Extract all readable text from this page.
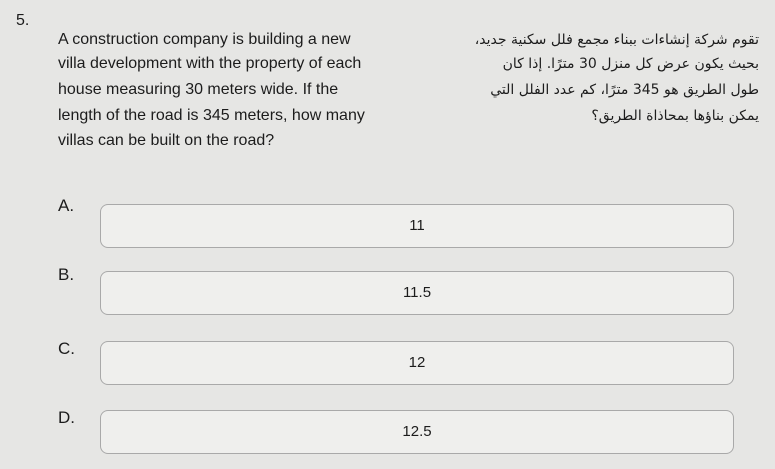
5.
A construction company is building a new
villa development with the property of each
house measuring 30 meters wide. If the
length of the road is 345 meters, how many
villas can be built on the road?
تقوم شركة إنشاءات ببناء مجمع فلل سكنية جديد،
بحيث يكون عرض كل منزل 30 مترًا. إذا كان
طول الطريق هو 345 مترًا، كم عدد الفلل التي
يمكن بناؤها بمحاذاة الطريق؟
A.
11
B.
11.5
C.
12
D.
12.5
